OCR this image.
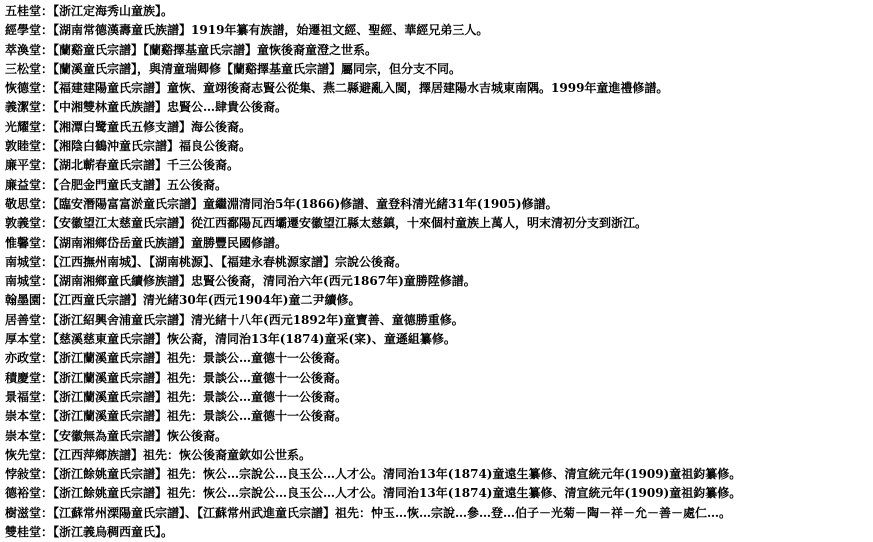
五桂堂：【浙江定海秀山童族】。
經學堂：【湖南常德漢壽童氏族譜】1919年纂有族譜，始遷祖文經、聖經、華經兄弟三人。
萃渙堂：【蘭谿童氏宗譜】【蘭谿擇基童氏宗譜】童恢後裔童澄之世系。
三松堂：【蘭溪童氏宗譜】，與清童瑞卿修【蘭谿擇基童氏宗譜】屬同宗，但分支不同。
恢德堂：【福建建陽童氏宗譜】童恢、童翊後裔志賢公從集、燕二縣避亂入閩，擇居建陽水吉城東南隅。1999年童進禮修譜。
義潔堂：【中湘雙林童氏族譜】忠賢公…肆貴公後裔。
光耀堂：【湘潭白鹭童氏五修支譜】海公後裔。
敦睦堂：【湘陰白鶴沖童氏宗譜】福良公後裔。
廉平堂：【湖北蘄春童氏宗譜】千三公後裔。
廉益堂：【合肥金門童氏支譜】五公後裔。
敬思堂：【臨安潛陽富富淤童氏宗譜】童繼淵清同治5年(1866)修譜、童登科清光緒31年(1905)修譜。
敦義堂：【安徽望江太慈童氏宗譜】從江西鄱陽瓦西壩遷安徽望江縣太慈鎮，十來個村童族上萬人，明末清初分支到浙江。
惟馨堂：【湖南湘鄉岱岳童氏族譜】童勝豐民國修譜。
南城堂：【江西撫州南城】、【湖南桃源】、【福建永春桃源家譜】宗說公後裔。
南城堂：【湖南湘鄉童氏續修族譜】忠賢公後裔，清同治六年(西元1867年)童勝陞修譜。
翰墨園：【江西童氏宗譜】清光緒30年(西元1904年)童二尹續修。
居善堂：【浙江紹興舍浦童氏宗譜】清光緒十八年(西元1892年)童寶善、童德勝重修。
厚本堂：【慈溪慈東童氏宗譜】恢公裔，清同治13年(1874)童采(寀)、童遜組纂修。
亦政堂：【浙江蘭溪童氏宗譜】祖先：景談公…童德十一公後裔。
積慶堂：【浙江蘭溪童氏宗譜】祖先：景談公…童德十一公後裔。
景福堂：【浙江蘭溪童氏宗譜】祖先：景談公…童德十一公後裔。
崇本堂：【浙江蘭溪童氏宗譜】祖先：景談公…童德十一公後裔。
崇本堂：【安徽無為童氏宗譜】恢公後裔。
恢先堂：【江西萍鄉族譜】祖先：恢公後裔童欽如公世系。
悖敍堂：【浙江餘姚童氏宗譜】祖先：恢公…宗說公…良玉公…人才公。清同治13年(1874)童遠生纂修、清宣統元年(1909)童祖鈞纂修。
德裕堂：【浙江餘姚童氏宗譜】祖先：恢公…宗說公…良玉公…人才公。清同治13年(1874)童遠生纂修、清宣統元年(1909)童祖鈞纂修。
樹滋堂：【江蘇常州溧陽童氏宗譜】、【江蘇常州武進童氏宗譜】祖先：忡玉…恢…宗說…參…登…伯子－光菊－陶－祥－允－善－處仁…。
雙桂堂：【浙江義烏稠西童氏】。
